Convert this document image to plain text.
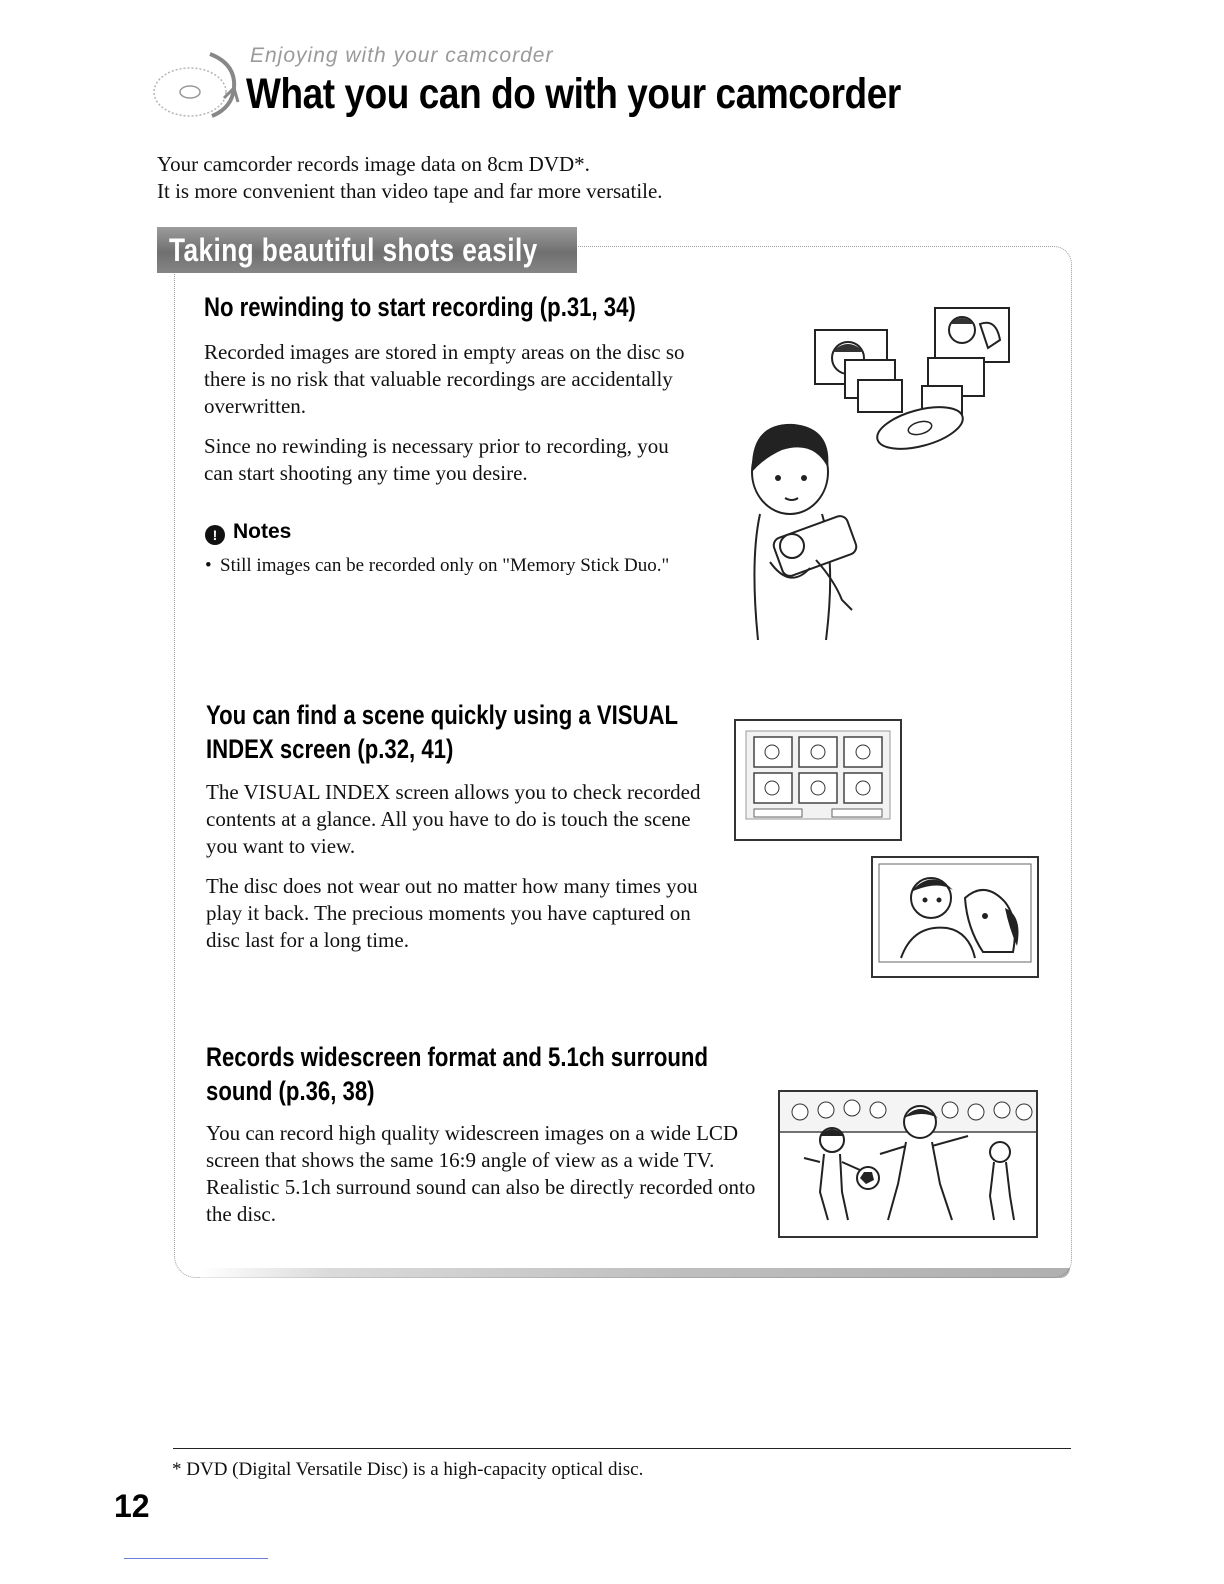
Enjoying with your camcorder
What you can do with your camcorder
Your camcorder records image data on 8cm DVD*.
It is more convenient than video tape and far more versatile.
Taking beautiful shots easily
No rewinding to start recording (p.31, 34)

Recorded images are stored in empty areas on the disc so there is no risk that valuable recordings are accidentally overwritten.

Since no rewinding is necessary prior to recording, you can start shooting any time you desire.

! Notes
• Still images can be recorded only on "Memory Stick Duo."
You can find a scene quickly using a VISUAL
INDEX screen (p.32, 41)

The VISUAL INDEX screen allows you to check recorded contents at a glance. All you have to do is touch the scene you want to view.

The disc does not wear out no matter how many times you play it back. The precious moments you have captured on disc last for a long time.

Records widescreen format and 5.1ch surround
sound (p.36, 38)

You can record high quality widescreen images on a wide LCD screen that shows the same 16:9 angle of view as a wide TV. Realistic 5.1ch surround sound can also be directly recorded onto the disc.

* DVD (Digital Versatile Disc) is a high-capacity optical disc.
12
